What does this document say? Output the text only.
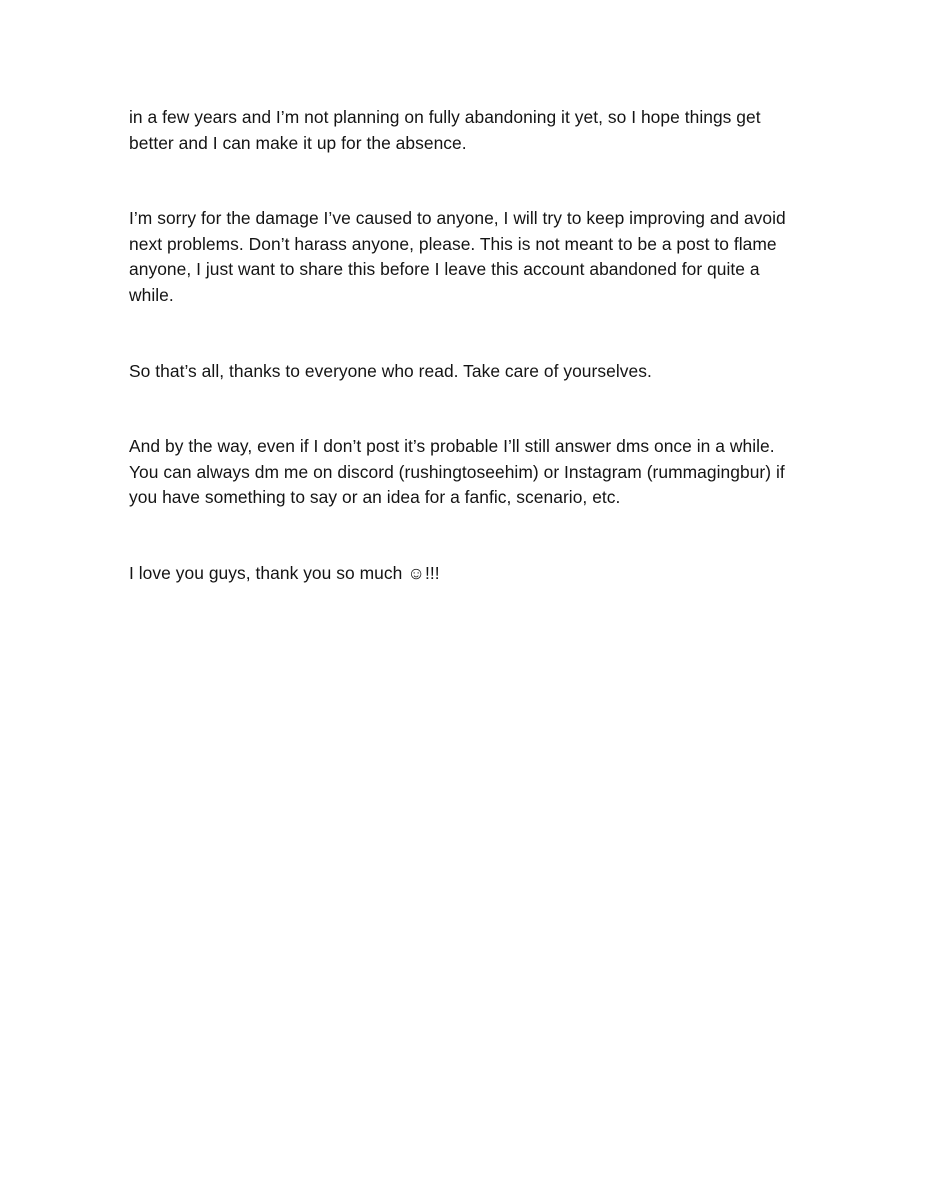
in a few years and I’m not planning on fully abandoning it yet, so I hope things get better and I can make it up for the absence.

I’m sorry for the damage I’ve caused to anyone, I will try to keep improving and avoid next problems. Don’t harass anyone, please. This is not meant to be a post to flame anyone, I just want to share this before I leave this account abandoned for quite a while.

So that’s all, thanks to everyone who read. Take care of yourselves.

And by the way, even if I don’t post it’s probable I’ll still answer dms once in a while. You can always dm me on discord (rushingtoseehim) or Instagram (rummagingbur) if you have something to say or an idea for a fanfic, scenario, etc.

I love you guys, thank you so much ☺!!!
